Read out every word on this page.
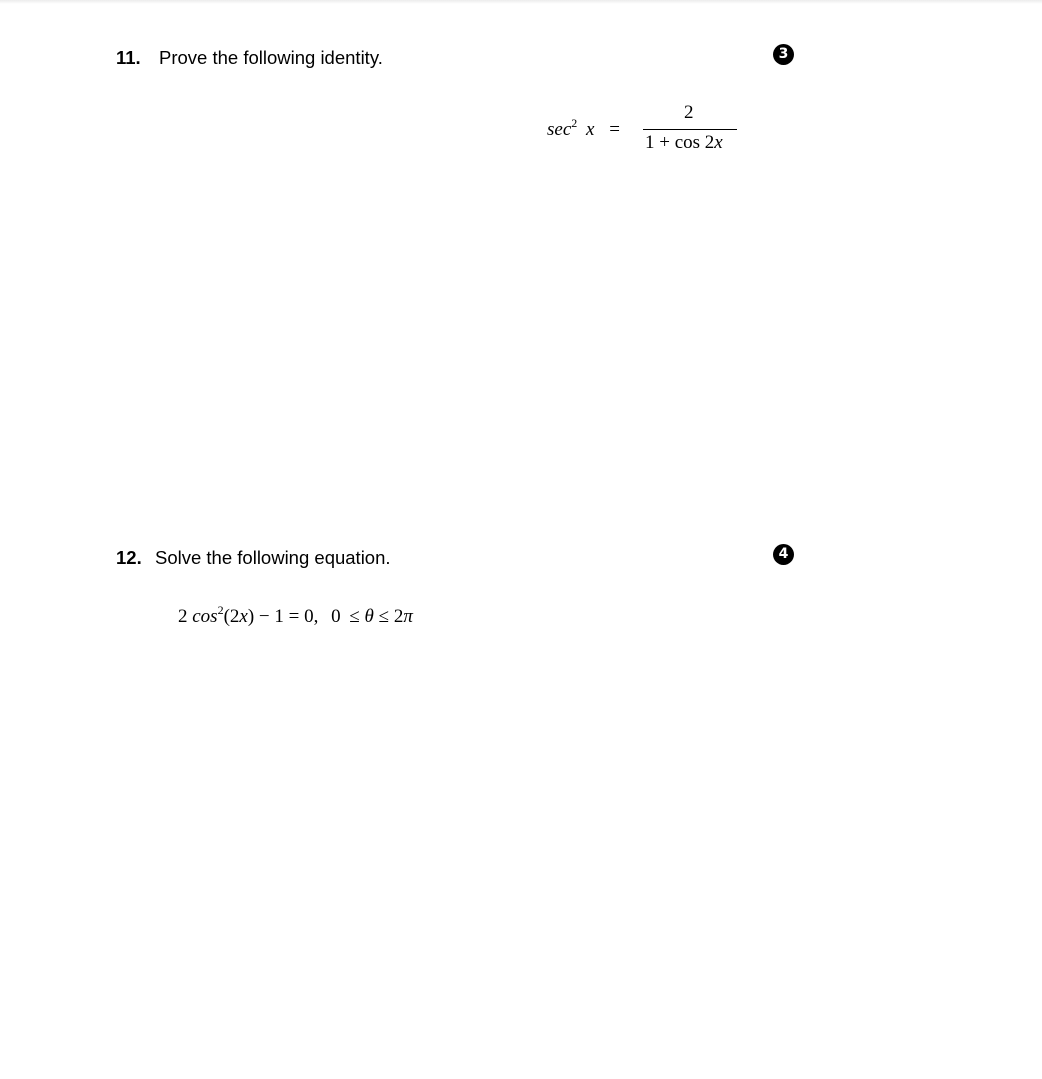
11. Prove the following identity.	3
$\sec^2 x$ =
2
1 + cos 2x
12. Solve the following equation.	4
2 $\cos^2(2x) - 1 = 0$, 0 ≤ θ ≤ 2π
